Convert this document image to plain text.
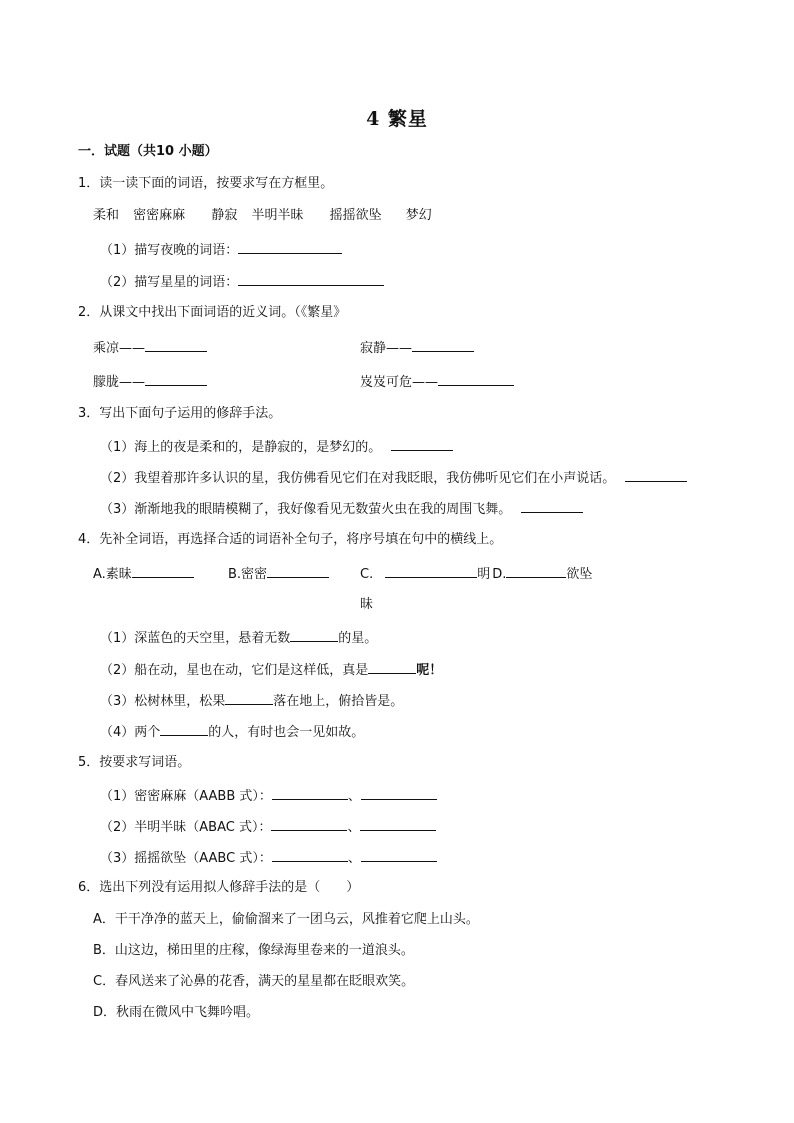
4 繁星
一．试题（共10 小题）
1．读一读下面的词语，按要求写在方框里。
柔和 密密麻麻 静寂 半明半昧 摇摇欲坠 梦幻
（1）描写夜晚的词语：
（2）描写星星的词语：
2．从课文中找出下面词语的近义词。（《繁星》
乘凉——	寂静——
朦胧——	岌岌可危——
3．写出下面句子运用的修辞手法。
（1）海上的夜是柔和的，是静寂的，是梦幻的。
（2）我望着那许多认识的星，我仿佛看见它们在对我眨眼，我仿佛听见它们在小声说话。
（3）渐渐地我的眼睛模糊了，我好像看见无数萤火虫在我的周围飞舞。
4．先补全词语，再选择合适的词语补全句子，将序号填在句中的横线上。
A.素昧	B.密密	C.	明 D.	欲坠
昧
（1）深蓝色的天空里，悬着无数	的星。
（2）船在动，星也在动，它们是这样低，真是	呢！
（3）松树林里，松果	落在地上，俯拾皆是。
（4）两个	的人，有时也会一见如故。
5．按要求写词语。
（1）密密麻麻（AABB 式）：	、
（2）半明半昧（ABAC 式）：	、
（3）摇摇欲坠（AABC 式）：	、
6．选出下列没有运用拟人修辞手法的是（　　）
A．干干净净的蓝天上，偷偷溜来了一团乌云，风推着它爬上山头。
B．山这边，梯田里的庄稼，像绿海里卷来的一道浪头。
C．春风送来了沁鼻的花香，满天的星星都在眨眼欢笑。
D．秋雨在微风中飞舞吟唱。
